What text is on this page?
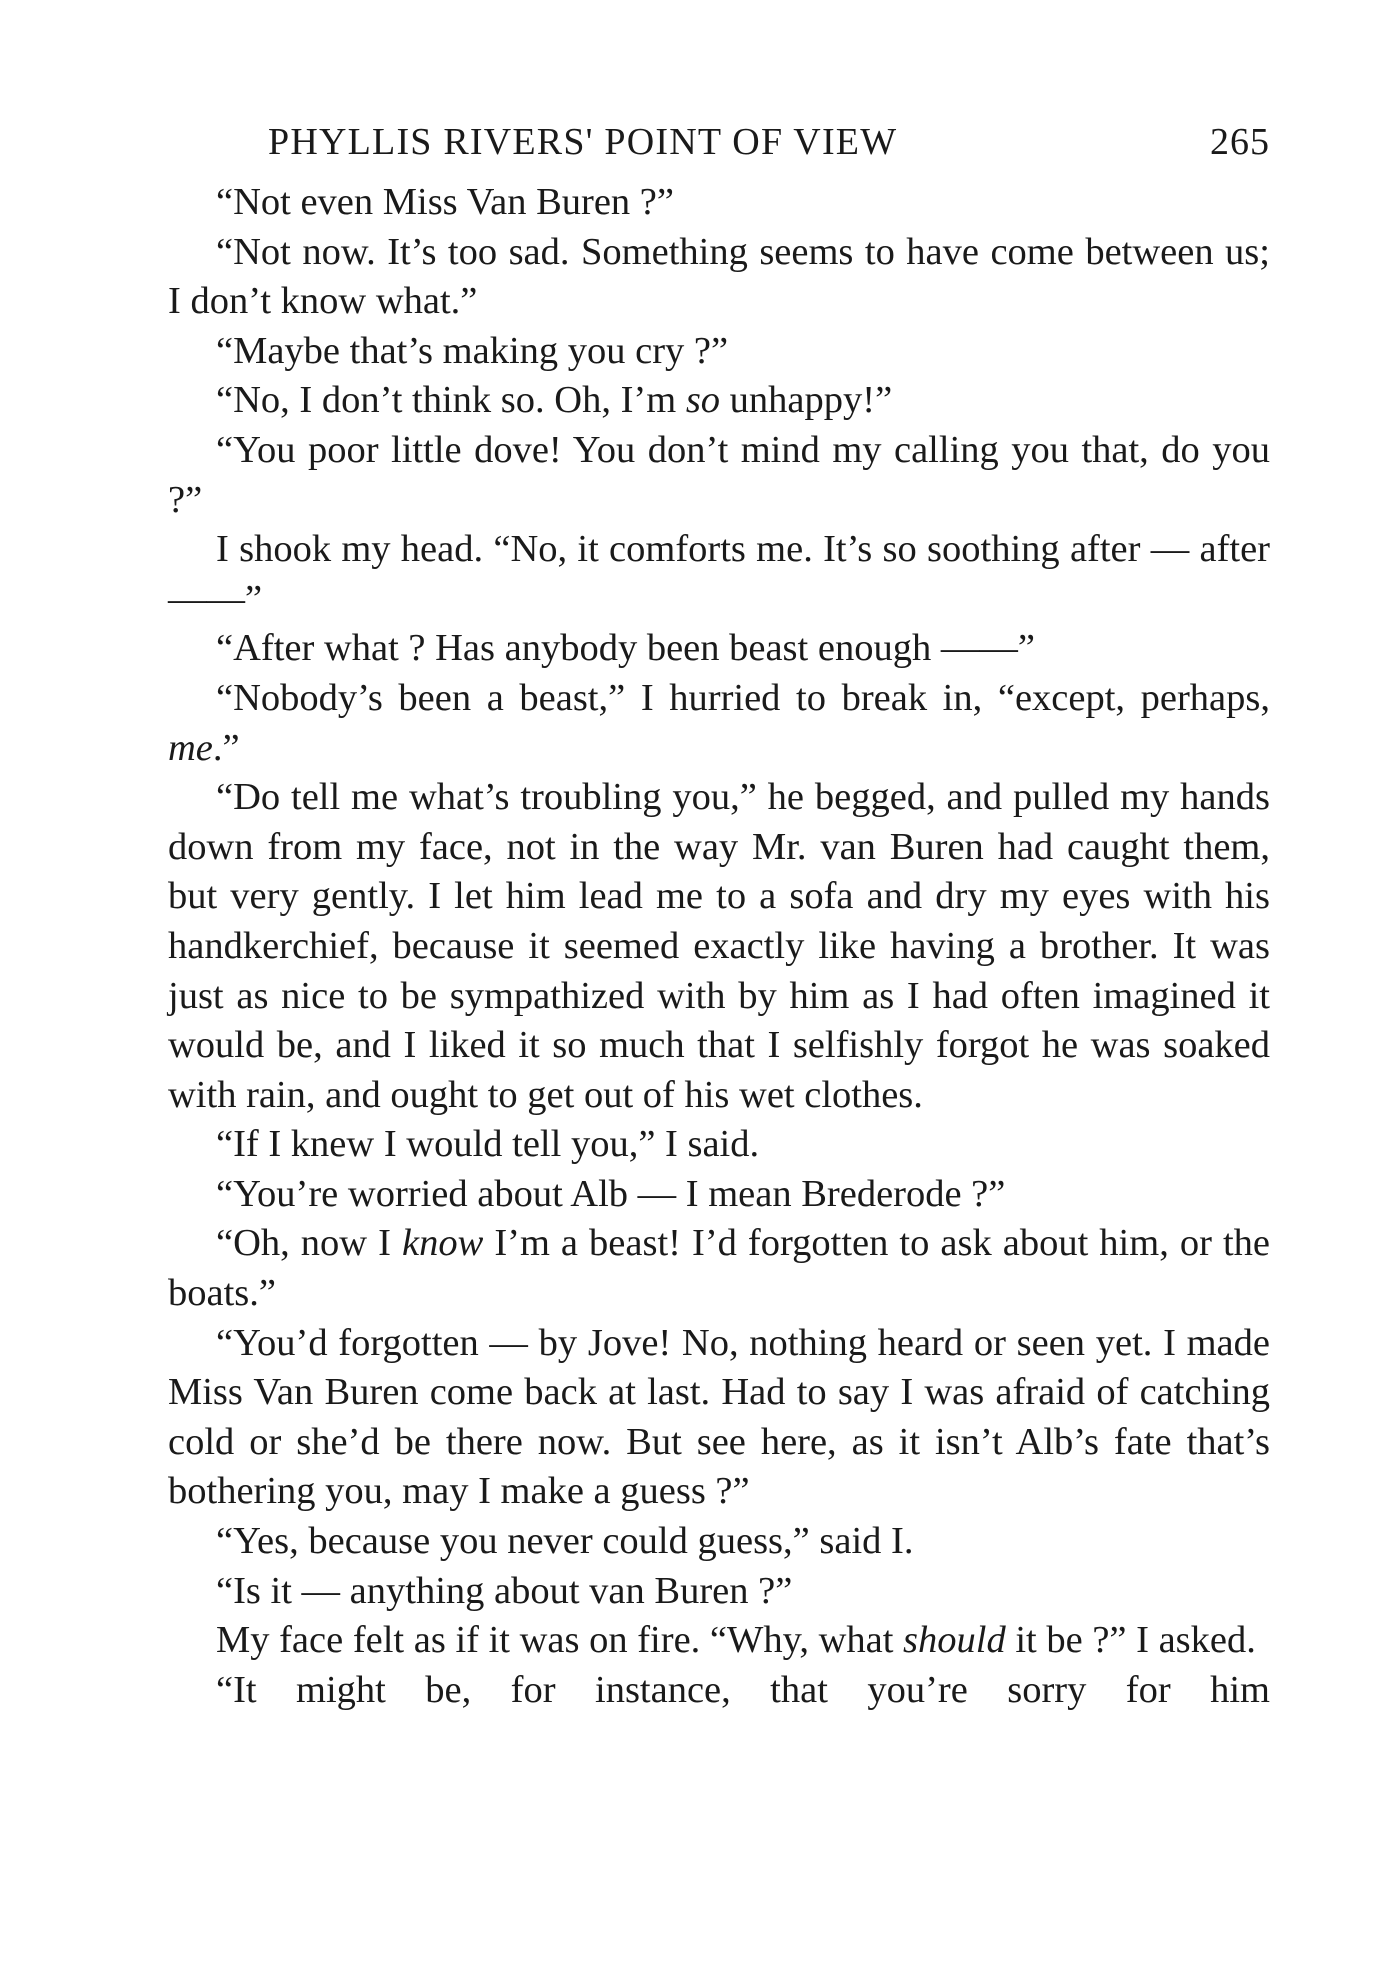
PHYLLIS RIVERS' POINT OF VIEW	265

“Not even Miss Van Buren ?”

“Not now. It’s too sad. Something seems to have come between us; I don’t know what.”

“Maybe that’s making you cry ?”

“No, I don’t think so. Oh, I’m so unhappy!”

“You poor little dove! You don’t mind my calling you that, do you ?”

I shook my head. “No, it comforts me. It’s so soothing after — after ——”

“After what ? Has anybody been beast enough ——”

“Nobody’s been a beast,” I hurried to break in, “except, perhaps, me.”

“Do tell me what’s troubling you,” he begged, and pulled my hands down from my face, not in the way Mr. van Buren had caught them, but very gently. I let him lead me to a sofa and dry my eyes with his handkerchief, because it seemed exactly like having a brother. It was just as nice to be sympathized with by him as I had often imagined it would be, and I liked it so much that I selfishly forgot he was soaked with rain, and ought to get out of his wet clothes.

“If I knew I would tell you,” I said.

“You’re worried about Alb — I mean Brederode ?”

“Oh, now I know I’m a beast! I’d forgotten to ask about him, or the boats.”

“You’d forgotten — by Jove! No, nothing heard or seen yet. I made Miss Van Buren come back at last. Had to say I was afraid of catching cold or she’d be there now. But see here, as it isn’t Alb’s fate that’s bothering you, may I make a guess ?”

“Yes, because you never could guess,” said I.

“Is it — anything about van Buren ?”

My face felt as if it was on fire. “Why, what should it be ?” I asked.

“It might be, for instance, that you’re sorry for him
